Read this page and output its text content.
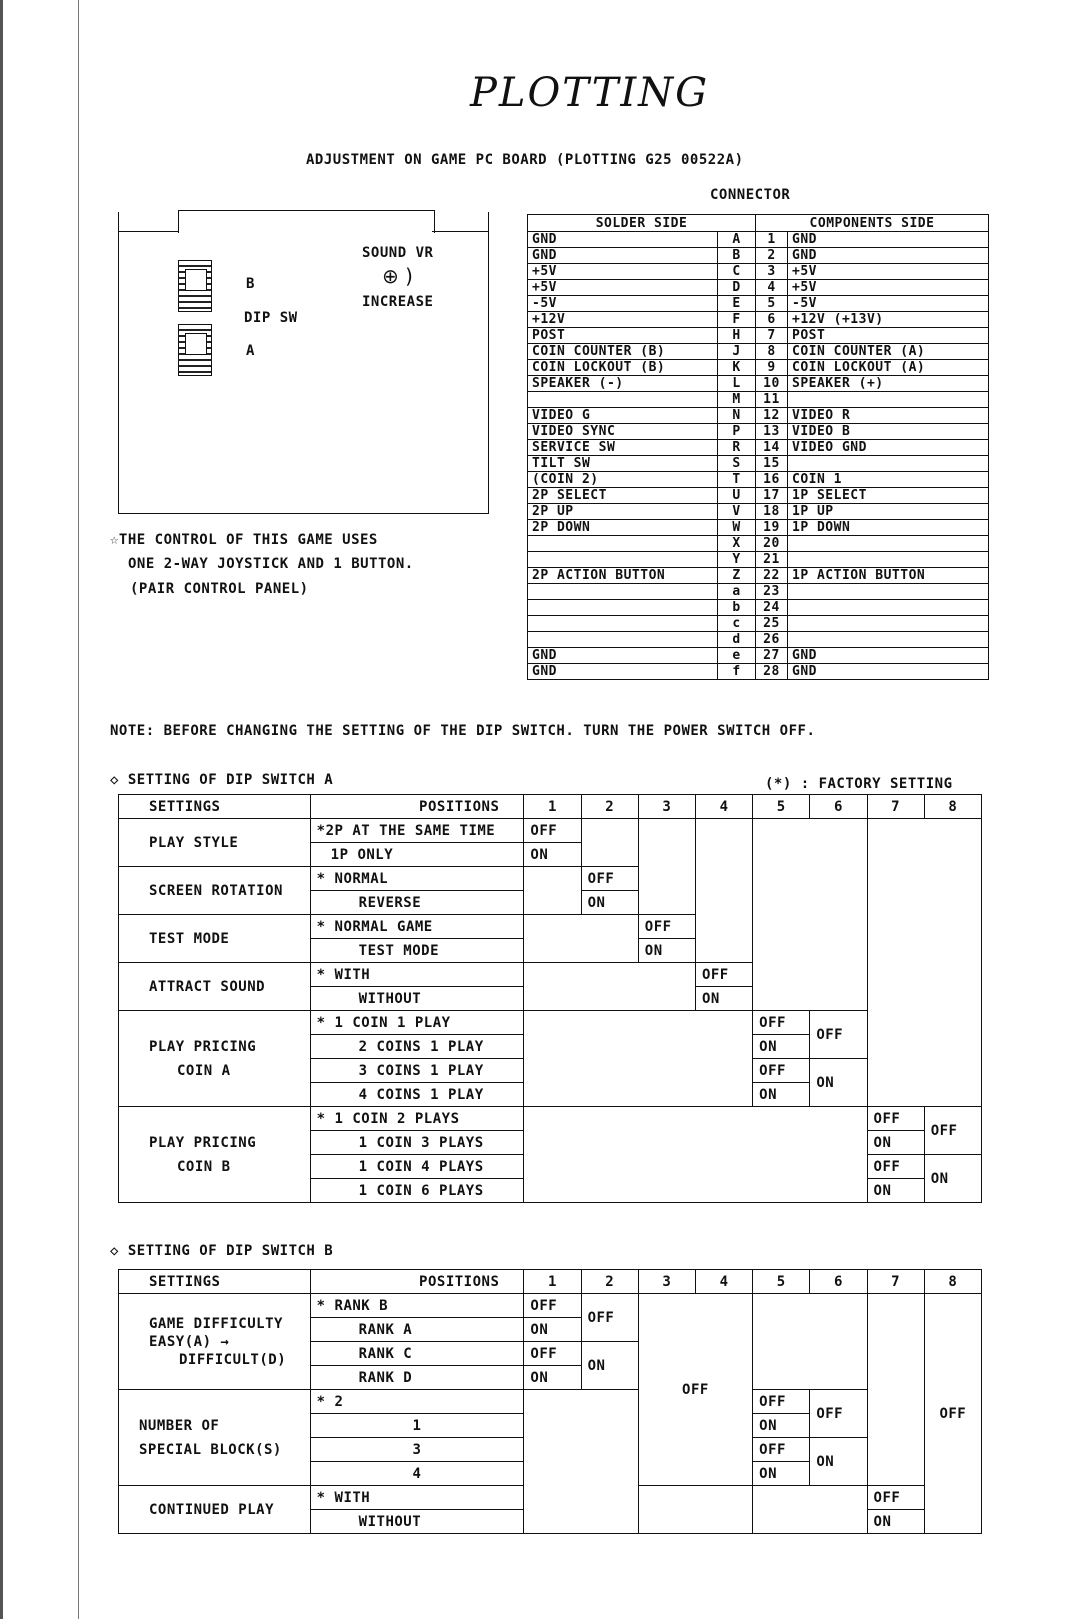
PLOTTING
ADJUSTMENT ON GAME PC BOARD (PLOTTING G25 00522A)
B
DIP SW
A
SOUND VR
⊕ )
INCREASE
☆THE CONTROL OF THIS GAME USES
ONE 2-WAY JOYSTICK AND 1 BUTTON.
(PAIR CONTROL PANEL)
CONNECTOR
SOLDER SIDE		COMPONENTS SIDE	
GND	A	1	GND
GND	B	2	GND
+5V	C	3	+5V
+5V	D	4	+5V
-5V	E	5	-5V
+12V	F	6	+12V (+13V)
POST	H	7	POST
COIN COUNTER (B)	J	8	COIN COUNTER (A)
COIN LOCKOUT (B)	K	9	COIN LOCKOUT (A)
SPEAKER (-)	L	10	SPEAKER (+)
	M	11	
VIDEO G	N	12	VIDEO R
VIDEO SYNC	P	13	VIDEO B
SERVICE SW	R	14	VIDEO GND
TILT SW	S	15	
(COIN 2)	T	16	COIN 1
2P SELECT	U	17	1P SELECT
2P UP	V	18	1P UP
2P DOWN	W	19	1P DOWN
	X	20	
	Y	21	
2P ACTION BUTTON	Z	22	1P ACTION BUTTON
	a	23	
	b	24	
	c	25	
	d	26	
GND	e	27	GND
GND	f	28	GND
NOTE: BEFORE CHANGING THE SETTING OF THE DIP SWITCH. TURN THE POWER SWITCH OFF.
◇ SETTING OF DIP SWITCH A	(*) : FACTORY SETTING
SETTINGS	POSITIONS	1	2	3	4	5	6	7	8
PLAY STYLE	*2P AT THE SAME TIME	OFF							
	1P ONLY	ON							
SCREEN ROTATION	* NORMAL		OFF						
	REVERSE		ON						
TEST MODE	* NORMAL GAME			OFF					
	TEST MODE			ON					
ATTRACT SOUND	* WITH				OFF				
	WITHOUT				ON				
PLAY PRICING
COIN A	* 1 COIN 1 PLAY					OFF	OFF		
	2 COINS 1 PLAY					ON			
	3 COINS 1 PLAY					OFF	ON		
	4 COINS 1 PLAY					ON			
PLAY PRICING
COIN B	* 1 COIN 2 PLAYS							OFF	OFF
	1 COIN 3 PLAYS							ON	
	1 COIN 4 PLAYS							OFF	ON
	1 COIN 6 PLAYS							ON	
◇ SETTING OF DIP SWITCH B
SETTINGS	POSITIONS	1	2	3	4	5	6	7	8
GAME DIFFICULTY
EASY(A) →
DIFFICULT(D)	* RANK B	OFF	OFF	OFF					OFF
	RANK A	ON							
	RANK C	OFF	ON						
	RANK D	ON							
NUMBER OF
SPECIAL BLOCK(S)	* 2					OFF	OFF		
	1					ON			
	3					OFF	ON		
	4					ON			
CONTINUED PLAY	* WITH							OFF	
	WITHOUT							ON	
